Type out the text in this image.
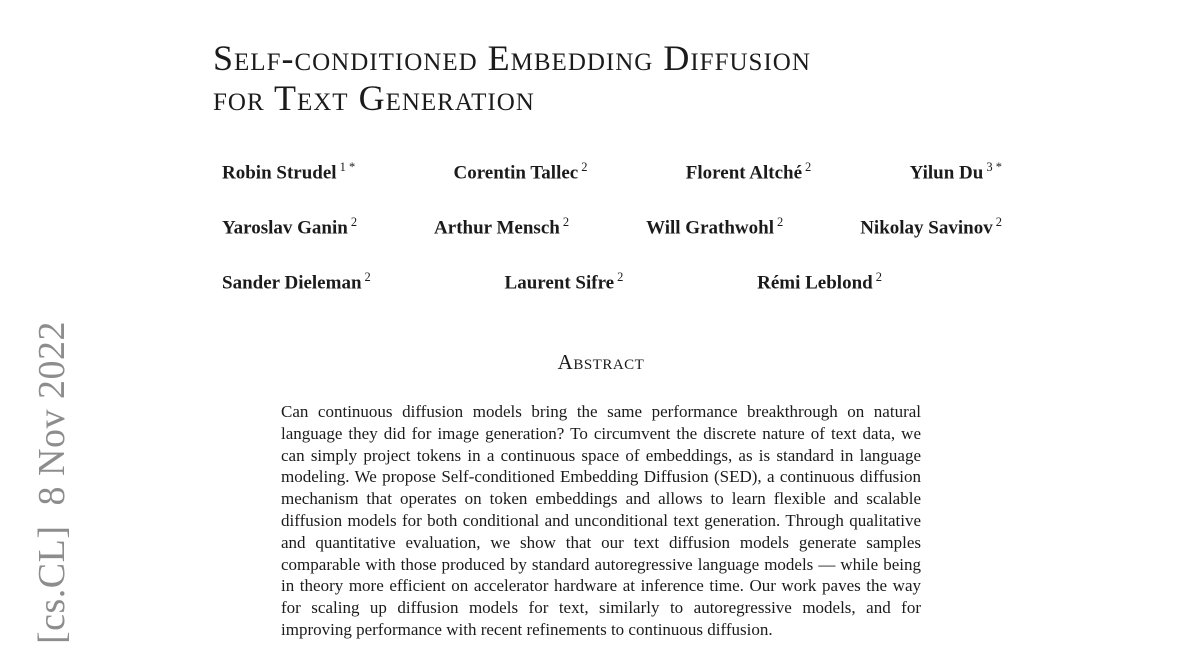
[cs.CL]  8 Nov 2022
Self-conditioned Embedding Diffusion
for Text Generation
Robin Strudel $^{1 *}$	Corentin Tallec $^2$	Florent Altché $^2$	Yilun Du $^{3 *}$
Yaroslav Ganin $^2$	Arthur Mensch $^2$	Will Grathwohl $^2$	Nikolay Savinov $^2$
Sander Dieleman $^2$	Laurent Sifre $^2$	Rémi Leblond $^2$
Abstract

Can continuous diffusion models bring the same performance breakthrough on natural language they did for image generation? To circumvent the discrete nature of text data, we can simply project tokens in a continuous space of embeddings, as is standard in language modeling. We propose Self-conditioned Embedding Diffusion (SED), a continuous diffusion mechanism that operates on token embeddings and allows to learn flexible and scalable diffusion models for both conditional and unconditional text generation. Through qualitative and quantitative evaluation, we show that our text diffusion models generate samples comparable with those produced by standard autoregressive language models — while being in theory more efficient on accelerator hardware at inference time. Our work paves the way for scaling up diffusion models for text, similarly to autoregressive models, and for improving performance with recent refinements to continuous diffusion.
